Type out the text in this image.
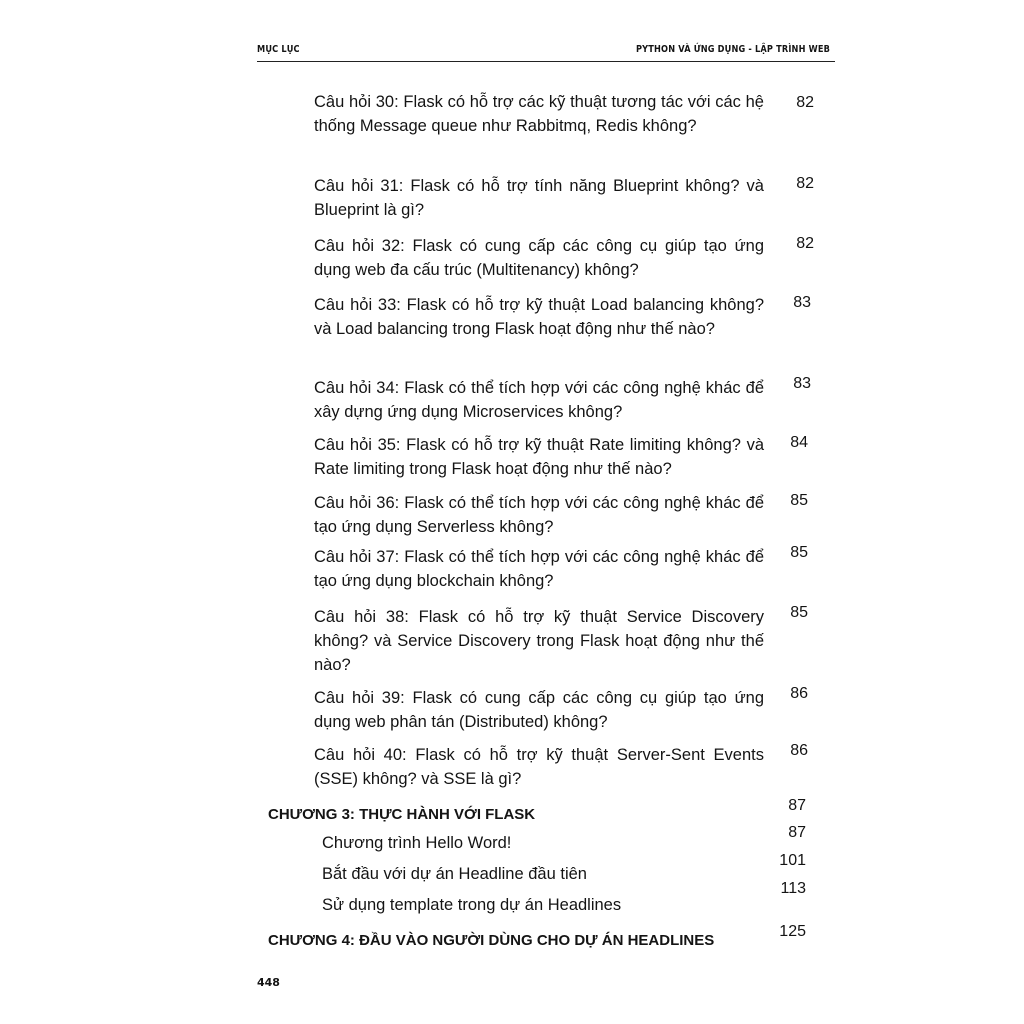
MỤC LỤC	PYTHON VÀ ỨNG DỤNG - LẬP TRÌNH WEB
Câu hỏi 30: Flask có hỗ trợ các kỹ thuật tương tác với các hệ thống Message queue như Rabbitmq, Redis không?
82
Câu hỏi 31: Flask có hỗ trợ tính năng Blueprint không? và Blueprint là gì?
82
Câu hỏi 32: Flask có cung cấp các công cụ giúp tạo ứng dụng web đa cấu trúc (Multitenancy) không?
82
Câu hỏi 33: Flask có hỗ trợ kỹ thuật Load balancing không? và Load balancing trong Flask hoạt động như thế nào?
83
Câu hỏi 34: Flask có thể tích hợp với các công nghệ khác để xây dựng ứng dụng Microservices không?
83
Câu hỏi 35: Flask có hỗ trợ kỹ thuật Rate limiting không? và Rate limiting trong Flask hoạt động như thế nào?
84
Câu hỏi 36: Flask có thể tích hợp với các công nghệ khác để tạo ứng dụng Serverless không?
85
Câu hỏi 37: Flask có thể tích hợp với các công nghệ khác để tạo ứng dụng blockchain không?
85
Câu hỏi 38: Flask có hỗ trợ kỹ thuật Service Discovery không? và Service Discovery trong Flask hoạt động như thế nào?
85
Câu hỏi 39: Flask có cung cấp các công cụ giúp tạo ứng dụng web phân tán (Distributed) không?
86
Câu hỏi 40: Flask có hỗ trợ kỹ thuật Server-Sent Events (SSE) không? và SSE là gì?
86
CHƯƠNG 3: THỰC HÀNH VỚI FLASK
87
Chương trình Hello Word!
87
Bắt đầu với dự án Headline đầu tiên
101
Sử dụng template trong dự án Headlines
113
CHƯƠNG 4: ĐẦU VÀO NGƯỜI DÙNG CHO DỰ ÁN HEADLINES
125
448
